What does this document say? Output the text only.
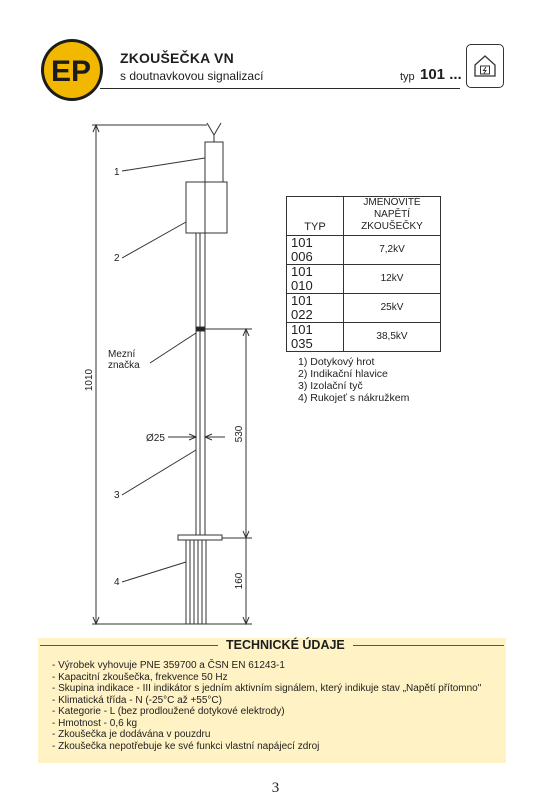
EP ZKOUŠEČKA VN
s doutnavkovou signalizací	typ 101 ...
1
2
3
4
Mezní
značka
Ø25
1010
530
160
TYP	JMENOVITÉ NAPĚTÍ
ZKOUŠEČKY
101 006	7,2kV
101 010	12kV
101 022	25kV
101 035	38,5kV
1) Dotykový hrot
2) Indikační hlavice
3) Izolační tyč
4) Rukojeť s nákružkem
TECHNICKÉ ÚDAJE
- Výrobek vyhovuje PNE 359700 a ČSN EN 61243-1
- Kapacitní zkoušečka, frekvence 50 Hz
- Skupina indikace - III indikátor s jedním aktivním signálem, který indikuje stav „Napětí přítomno"
- Klimatická třída - N (-25°C až +55°C)
- Kategorie - L (bez prodloužené dotykové elektrody)
- Hmotnost - 0,6 kg
- Zkoušečka je dodávána v pouzdru
- Zkoušečka nepotřebuje ke své funkci vlastní napájecí zdroj
3
